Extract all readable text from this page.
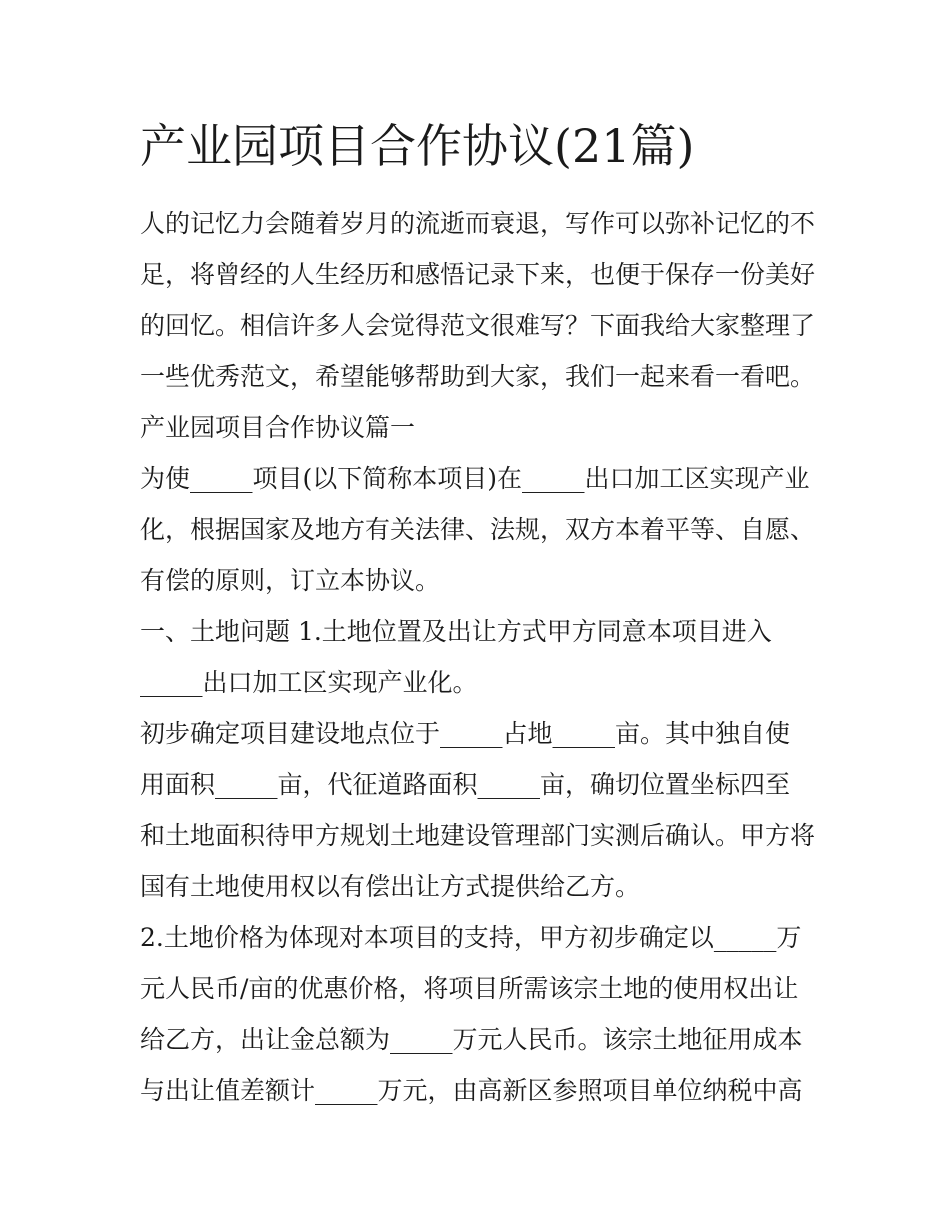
产业园项目合作协议(21篇)
人的记忆力会随着岁月的流逝而衰退，写作可以弥补记忆的不
足，将曾经的人生经历和感悟记录下来，也便于保存一份美好
的回忆。相信许多人会觉得范文很难写？下面我给大家整理了
一些优秀范文，希望能够帮助到大家，我们一起来看一看吧。
产业园项目合作协议篇一
为使_____项目(以下简称本项目)在_____出口加工区实现产业
化，根据国家及地方有关法律、法规，双方本着平等、自愿、
有偿的原则，订立本协议。
一、土地问题 1.土地位置及出让方式甲方同意本项目进入
_____出口加工区实现产业化。
初步确定项目建设地点位于_____占地_____亩。其中独自使
用面积_____亩，代征道路面积_____亩，确切位置坐标四至
和土地面积待甲方规划土地建设管理部门实测后确认。甲方将
国有土地使用权以有偿出让方式提供给乙方。
2.土地价格为体现对本项目的支持，甲方初步确定以_____万
元人民币/亩的优惠价格，将项目所需该宗土地的使用权出让
给乙方，出让金总额为_____万元人民币。该宗土地征用成本
与出让值差额计_____万元，由高新区参照项目单位纳税中高
